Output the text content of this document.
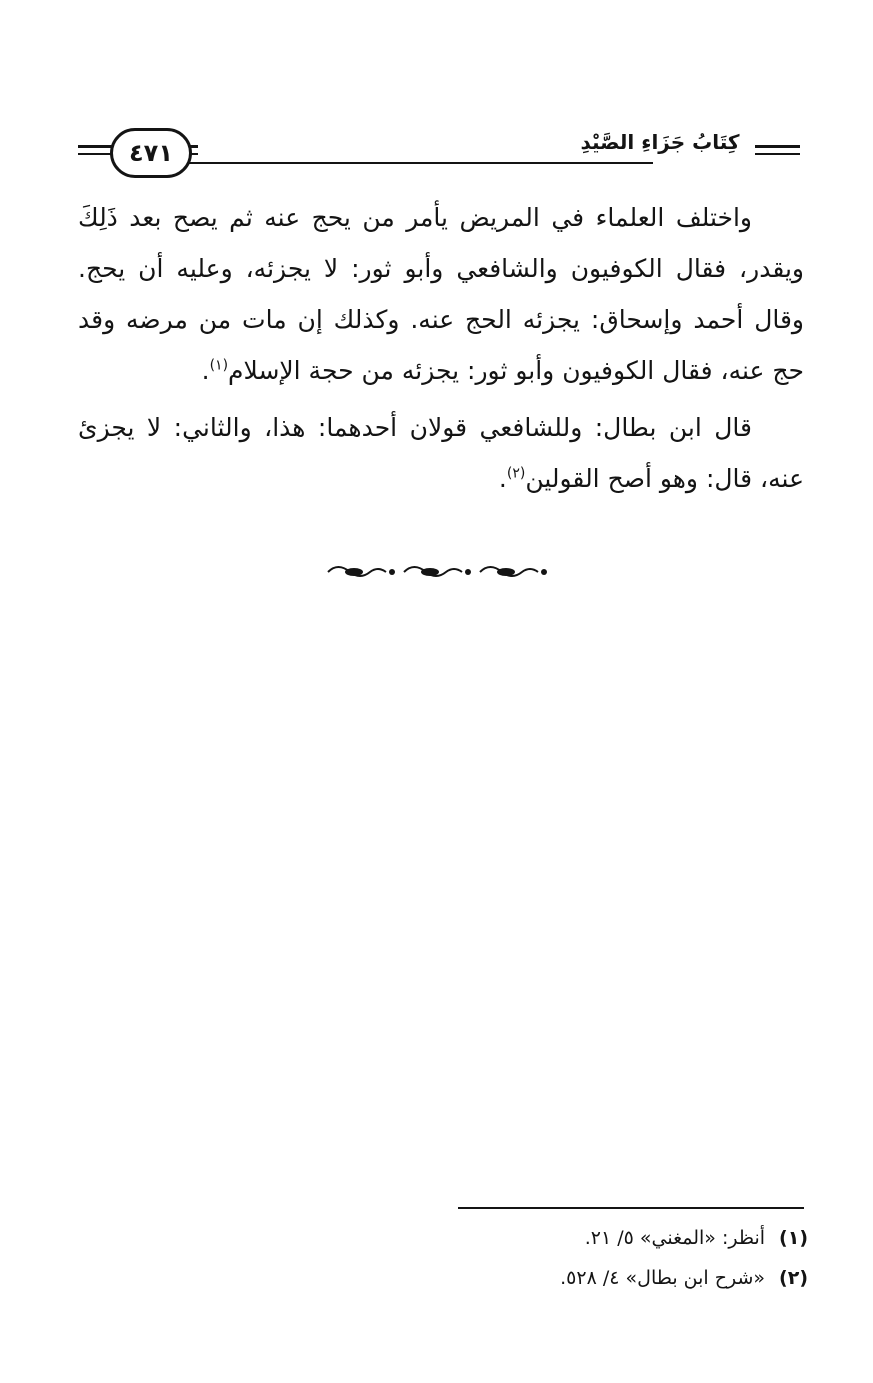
٤٧١	كِتَابُ جَزَاءِ الصَّيْدِ

واختلف العلماء في المريض يأمر من يحج عنه ثم يصح بعد ذَلِكَ ويقدر، فقال الكوفيون والشافعي وأبو ثور: لا يجزئه، وعليه أن يحج. وقال أحمد وإسحاق: يجزئه الحج عنه. وكذلك إن مات من مرضه وقد حج عنه، فقال الكوفيون وأبو ثور: يجزئه من حجة الإسلام$^{(١)}$.

قال ابن بطال: وللشافعي قولان أحدهما: هذا، والثاني: لا يجزئ عنه، قال: وهو أصح القولين$^{(٢)}$.

(١)أنظر: «المغني» ٥/ ٢١.
(٢)«شرح ابن بطال» ٤/ ٥٢٨.
